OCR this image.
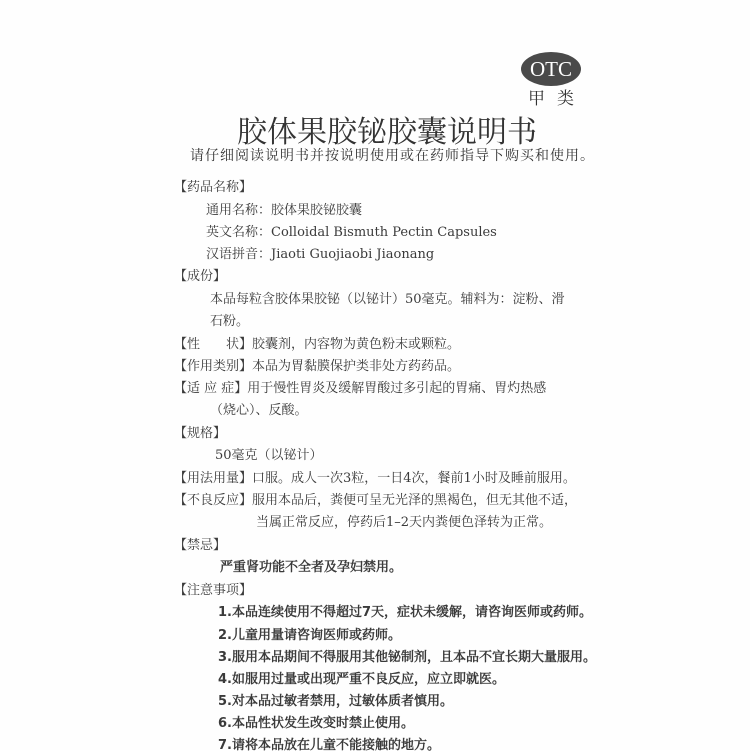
OTC
甲类
胶体果胶铋胶囊说明书
请仔细阅读说明书并按说明使用或在药师指导下购买和使用。
【药品名称】
通用名称：胶体果胶铋胶囊
英文名称：Colloidal Bismuth Pectin Capsules
汉语拼音：Jiaoti Guojiaobi Jiaonang
【成份】
本品每粒含胶体果胶铋（以铋计）50毫克。辅料为：淀粉、滑
石粉。
【性　　状】胶囊剂，内容物为黄色粉末或颗粒。
【作用类别】本品为胃黏膜保护类非处方药药品。
【适 应 症】用于慢性胃炎及缓解胃酸过多引起的胃痛、胃灼热感
（烧心）、反酸。
【规格】
50毫克（以铋计）
【用法用量】口服。成人一次3粒，一日4次，餐前1小时及睡前服用。
【不良反应】服用本品后，粪便可呈无光泽的黑褐色，但无其他不适，
当属正常反应，停药后1–2天内粪便色泽转为正常。
【禁忌】
严重肾功能不全者及孕妇禁用。
【注意事项】
1.本品连续使用不得超过7天，症状未缓解，请咨询医师或药师。
2.儿童用量请咨询医师或药师。
3.服用本品期间不得服用其他铋制剂，且本品不宜长期大量服用。
4.如服用过量或出现严重不良反应，应立即就医。
5.对本品过敏者禁用，过敏体质者慎用。
6.本品性状发生改变时禁止使用。
7.请将本品放在儿童不能接触的地方。
